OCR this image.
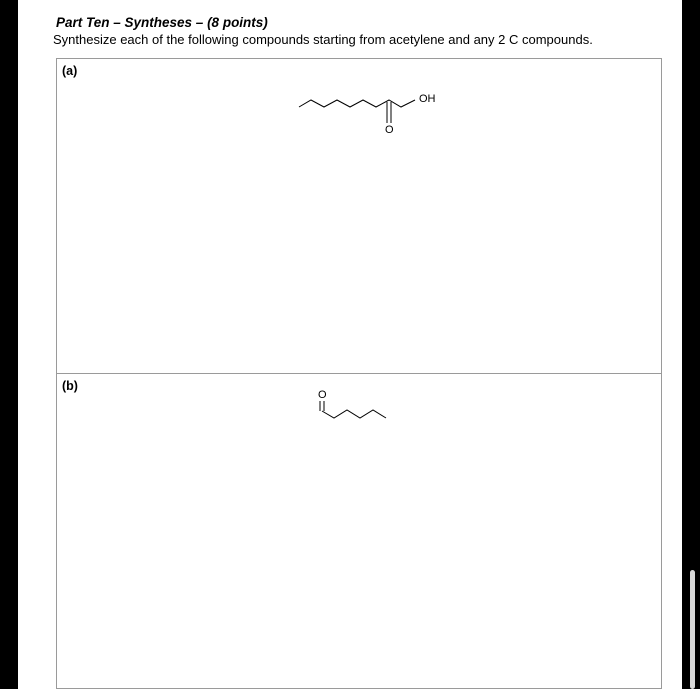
Part Ten – Syntheses – (8 points)
Synthesize each of the following compounds starting from acetylene and any 2 C compounds.
(a)
OH
O
(b)
O
